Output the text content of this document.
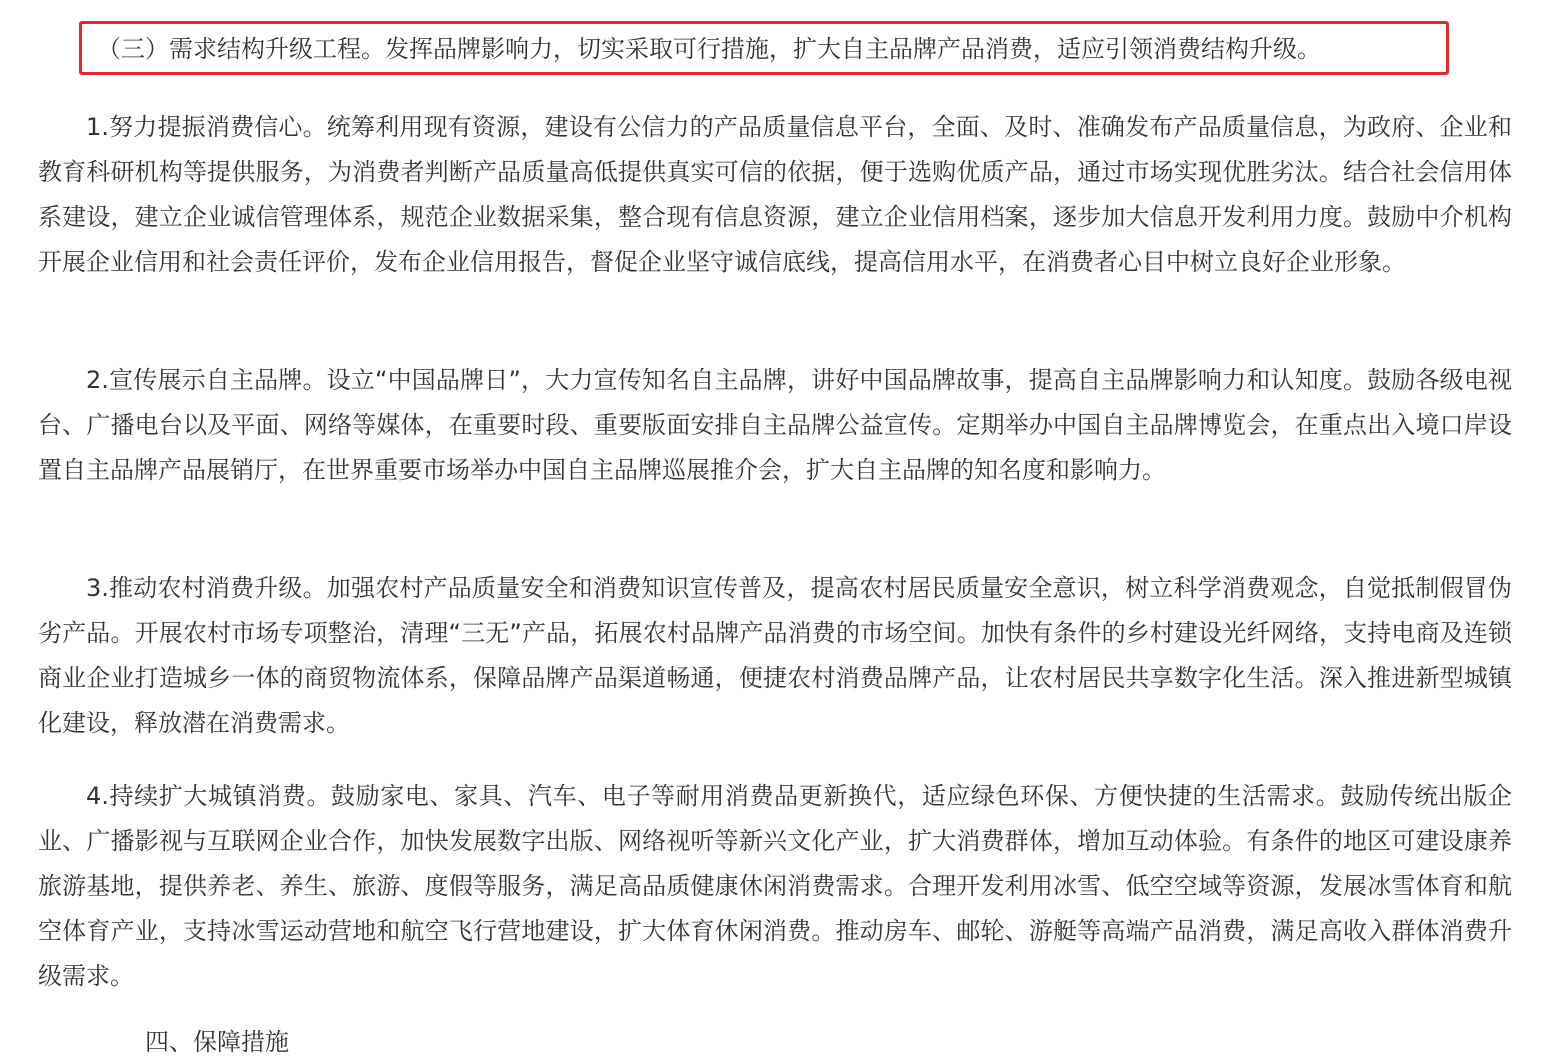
（三）需求结构升级工程。发挥品牌影响力，切实采取可行措施，扩大自主品牌产品消费，适应引领消费结构升级。

1.努力提振消费信心。统筹利用现有资源，建设有公信力的产品质量信息平台，全面、及时、准确发布产品质量信息，为政府、企业和教育科研机构等提供服务，为消费者判断产品质量高低提供真实可信的依据，便于选购优质产品，通过市场实现优胜劣汰。结合社会信用体系建设，建立企业诚信管理体系，规范企业数据采集，整合现有信息资源，建立企业信用档案，逐步加大信息开发利用力度。鼓励中介机构开展企业信用和社会责任评价，发布企业信用报告，督促企业坚守诚信底线，提高信用水平，在消费者心目中树立良好企业形象。

2.宣传展示自主品牌。设立“中国品牌日”，大力宣传知名自主品牌，讲好中国品牌故事，提高自主品牌影响力和认知度。鼓励各级电视台、广播电台以及平面、网络等媒体，在重要时段、重要版面安排自主品牌公益宣传。定期举办中国自主品牌博览会，在重点出入境口岸设置自主品牌产品展销厅，在世界重要市场举办中国自主品牌巡展推介会，扩大自主品牌的知名度和影响力。

3.推动农村消费升级。加强农村产品质量安全和消费知识宣传普及，提高农村居民质量安全意识，树立科学消费观念，自觉抵制假冒伪劣产品。开展农村市场专项整治，清理“三无”产品，拓展农村品牌产品消费的市场空间。加快有条件的乡村建设光纤网络，支持电商及连锁商业企业打造城乡一体的商贸物流体系，保障品牌产品渠道畅通，便捷农村消费品牌产品，让农村居民共享数字化生活。深入推进新型城镇化建设，释放潜在消费需求。

4.持续扩大城镇消费。鼓励家电、家具、汽车、电子等耐用消费品更新换代，适应绿色环保、方便快捷的生活需求。鼓励传统出版企业、广播影视与互联网企业合作，加快发展数字出版、网络视听等新兴文化产业，扩大消费群体，增加互动体验。有条件的地区可建设康养旅游基地，提供养老、养生、旅游、度假等服务，满足高品质健康休闲消费需求。合理开发利用冰雪、低空空域等资源，发展冰雪体育和航空体育产业，支持冰雪运动营地和航空飞行营地建设，扩大体育休闲消费。推动房车、邮轮、游艇等高端产品消费，满足高收入群体消费升级需求。

四、保障措施
